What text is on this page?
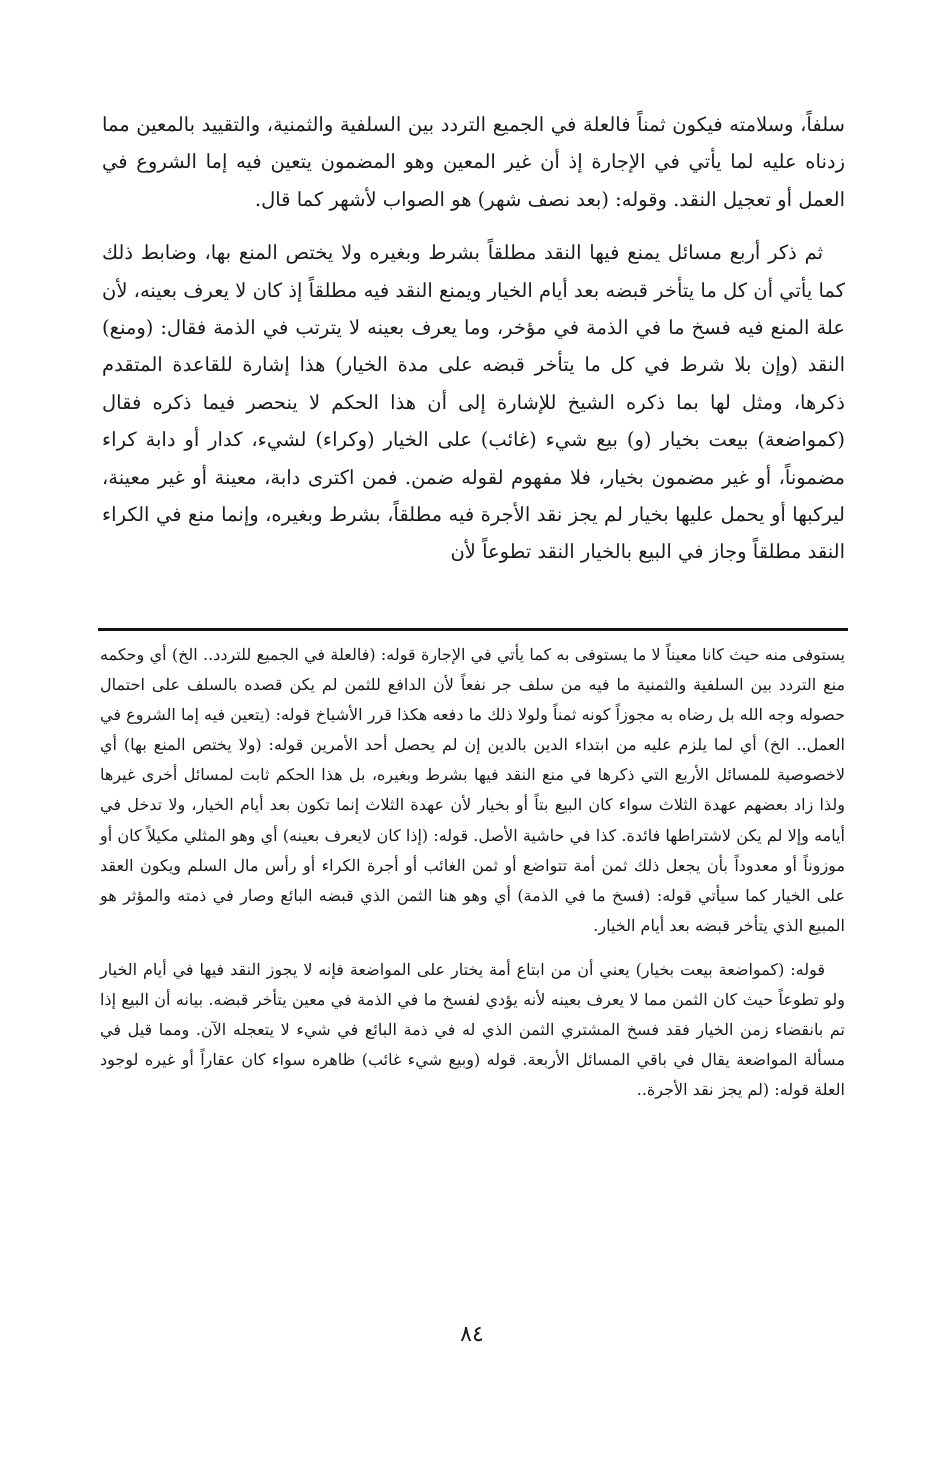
سلفاً، وسلامته فيكون ثمناً فالعلة في الجميع التردد بين السلفية والثمنية، والتقييد بالمعين مما زدناه عليه لما يأتي في الإجارة إذ أن غير المعين وهو المضمون يتعين فيه إما الشروع في العمل أو تعجيل النقد. وقوله: (بعد نصف شهر) هو الصواب لأشهر كما قال.

ثم ذكر أربع مسائل يمنع فيها النقد مطلقاً بشرط وبغيره ولا يختص المنع بها، وضابط ذلك كما يأتي أن كل ما يتأخر قبضه بعد أيام الخيار ويمنع النقد فيه مطلقاً إذ كان لا يعرف بعينه، لأن علة المنع فيه فسخ ما في الذمة في مؤخر، وما يعرف بعينه لا يترتب في الذمة فقال: (ومنع) النقد (وإن بلا شرط في كل ما يتأخر قبضه على مدة الخيار) هذا إشارة للقاعدة المتقدم ذكرها، ومثل لها بما ذكره الشيخ للإشارة إلى أن هذا الحكم لا ينحصر فيما ذكره فقال (كمواضعة) بيعت بخيار (و) بيع شيء (غائب) على الخيار (وكراء) لشيء، كدار أو دابة كراء مضموناً، أو غير مضمون بخيار، فلا مفهوم لقوله ضمن. فمن اكترى دابة، معينة أو غير معينة، ليركبها أو يحمل عليها بخيار لم يجز نقد الأجرة فيه مطلقاً، بشرط وبغيره، وإنما منع في الكراء النقد مطلقاً وجاز في البيع بالخيار النقد تطوعاً لأن

يستوفى منه حيث كانا معيناً لا ما يستوفى به كما يأتي في الإجارة قوله: (فالعلة في الجميع للتردد.. الخ) أي وحكمه منع التردد بين السلفية والثمنية ما فيه من سلف جر نفعاً لأن الدافع للثمن لم يكن قصده بالسلف على احتمال حصوله وجه الله بل رضاه به مجوزاً كونه ثمناً ولولا ذلك ما دفعه هكذا قرر الأشياخ قوله: (يتعين فيه إما الشروع في العمل.. الخ) أي لما يلزم عليه من ابتداء الدين بالدين إن لم يحصل أحد الأمرين قوله: (ولا يختص المنع بها) أي لاخصوصية للمسائل الأربع التي ذكرها في منع النقد فيها بشرط وبغيره، بل هذا الحكم ثابت لمسائل أخرى غيرها ولذا زاد بعضهم عهدة الثلاث سواء كان البيع بتاً أو بخيار لأن عهدة الثلاث إنما تكون بعد أيام الخيار، ولا تدخل في أيامه وإلا لم يكن لاشتراطها فائدة. كذا في حاشية الأصل. قوله: (إذا كان لايعرف بعينه) أي وهو المثلي مكيلاً كان أو موزوناً أو معدوداً بأن يجعل ذلك ثمن أمة تتواضع أو ثمن الغائب أو أجرة الكراء أو رأس مال السلم ويكون العقد على الخيار كما سيأتي قوله: (فسخ ما في الذمة) أي وهو هنا الثمن الذي قبضه البائع وصار في ذمته والمؤثر هو المبيع الذي يتأخر قبضه بعد أيام الخيار.

قوله: (كمواضعة بيعت بخيار) يعني أن من ابتاع أمة يختار على المواضعة فإنه لا يجوز النقد فيها في أيام الخيار ولو تطوعاً حيث كان الثمن مما لا يعرف بعينه لأنه يؤدي لفسخ ما في الذمة في معين يتأخر قبضه. بيانه أن البيع إذا تم بانقضاء زمن الخيار فقد فسخ المشتري الثمن الذي له في ذمة البائع في شيء لا يتعجله الآن. ومما قيل في مسألة المواضعة يقال في باقي المسائل الأربعة. قوله (وبيع شيء غائب) ظاهره سواء كان عقاراً أو غيره لوجود العلة قوله: (لم يجز نقد الأجرة..

٨٤
